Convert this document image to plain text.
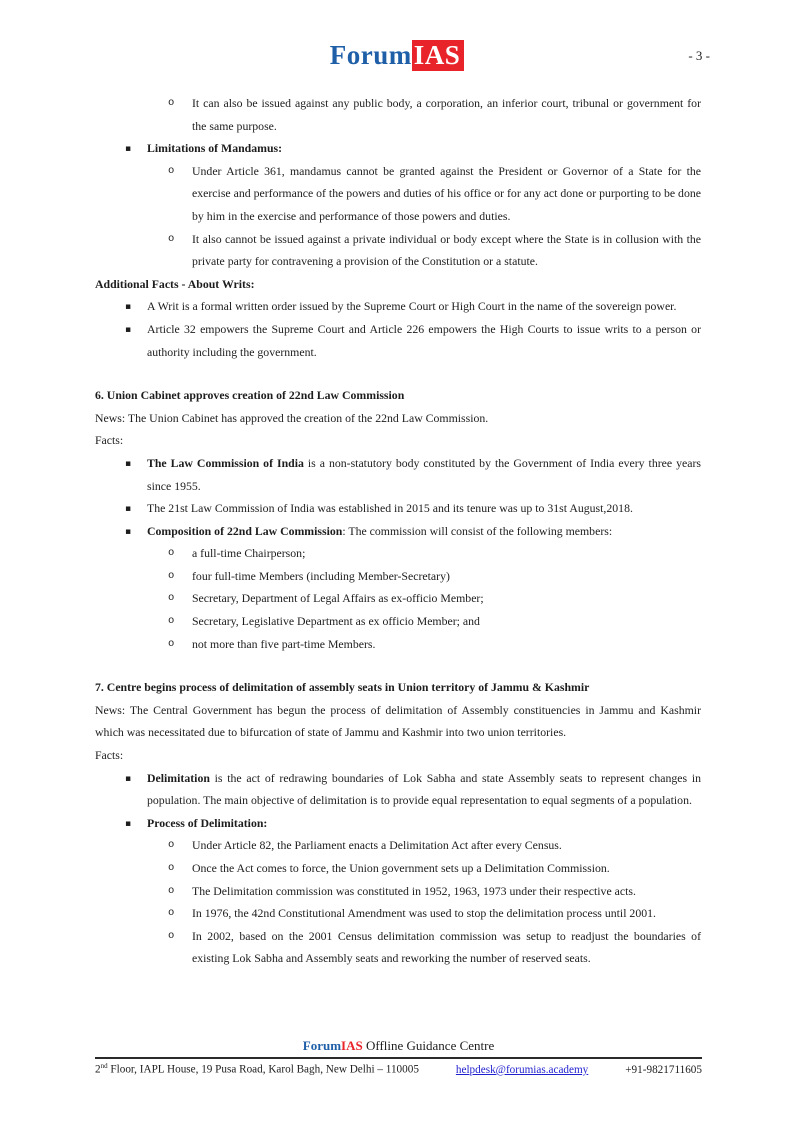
ForumIAS	- 3 -
o It can also be issued against any public body, a corporation, an inferior court, tribunal or government for the same purpose.
▪ Limitations of Mandamus:
o Under Article 361, mandamus cannot be granted against the President or Governor of a State for the exercise and performance of the powers and duties of his office or for any act done or purporting to be done by him in the exercise and performance of those powers and duties.
o It also cannot be issued against a private individual or body except where the State is in collusion with the private party for contravening a provision of the Constitution or a statute.
Additional Facts - About Writs:
▪ A Writ is a formal written order issued by the Supreme Court or High Court in the name of the sovereign power.
▪ Article 32 empowers the Supreme Court and Article 226 empowers the High Courts to issue writs to a person or authority including the government.
6. Union Cabinet approves creation of 22nd Law Commission
News: The Union Cabinet has approved the creation of the 22nd Law Commission.
Facts:
▪ The Law Commission of India is a non-statutory body constituted by the Government of India every three years since 1955.
▪ The 21st Law Commission of India was established in 2015 and its tenure was up to 31st August,2018.
▪ Composition of 22nd Law Commission: The commission will consist of the following members:
o a full-time Chairperson;
o four full-time Members (including Member-Secretary)
o Secretary, Department of Legal Affairs as ex-officio Member;
o Secretary, Legislative Department as ex officio Member; and
o not more than five part-time Members.
7. Centre begins process of delimitation of assembly seats in Union territory of Jammu & Kashmir
News: The Central Government has begun the process of delimitation of Assembly constituencies in Jammu and Kashmir which was necessitated due to bifurcation of state of Jammu and Kashmir into two union territories.
Facts:
▪ Delimitation is the act of redrawing boundaries of Lok Sabha and state Assembly seats to represent changes in population. The main objective of delimitation is to provide equal representation to equal segments of a population.
▪ Process of Delimitation:
o Under Article 82, the Parliament enacts a Delimitation Act after every Census.
o Once the Act comes to force, the Union government sets up a Delimitation Commission.
o The Delimitation commission was constituted in 1952, 1963, 1973 under their respective acts.
o In 1976, the 42nd Constitutional Amendment was used to stop the delimitation process until 2001.
o In 2002, based on the 2001 Census delimitation commission was setup to readjust the boundaries of existing Lok Sabha and Assembly seats and reworking the number of reserved seats.
ForumIAS Offline Guidance Centre
2nd Floor, IAPL House, 19 Pusa Road, Karol Bagh, New Delhi – 110005	helpdesk@forumias.academy	+91-9821711605
